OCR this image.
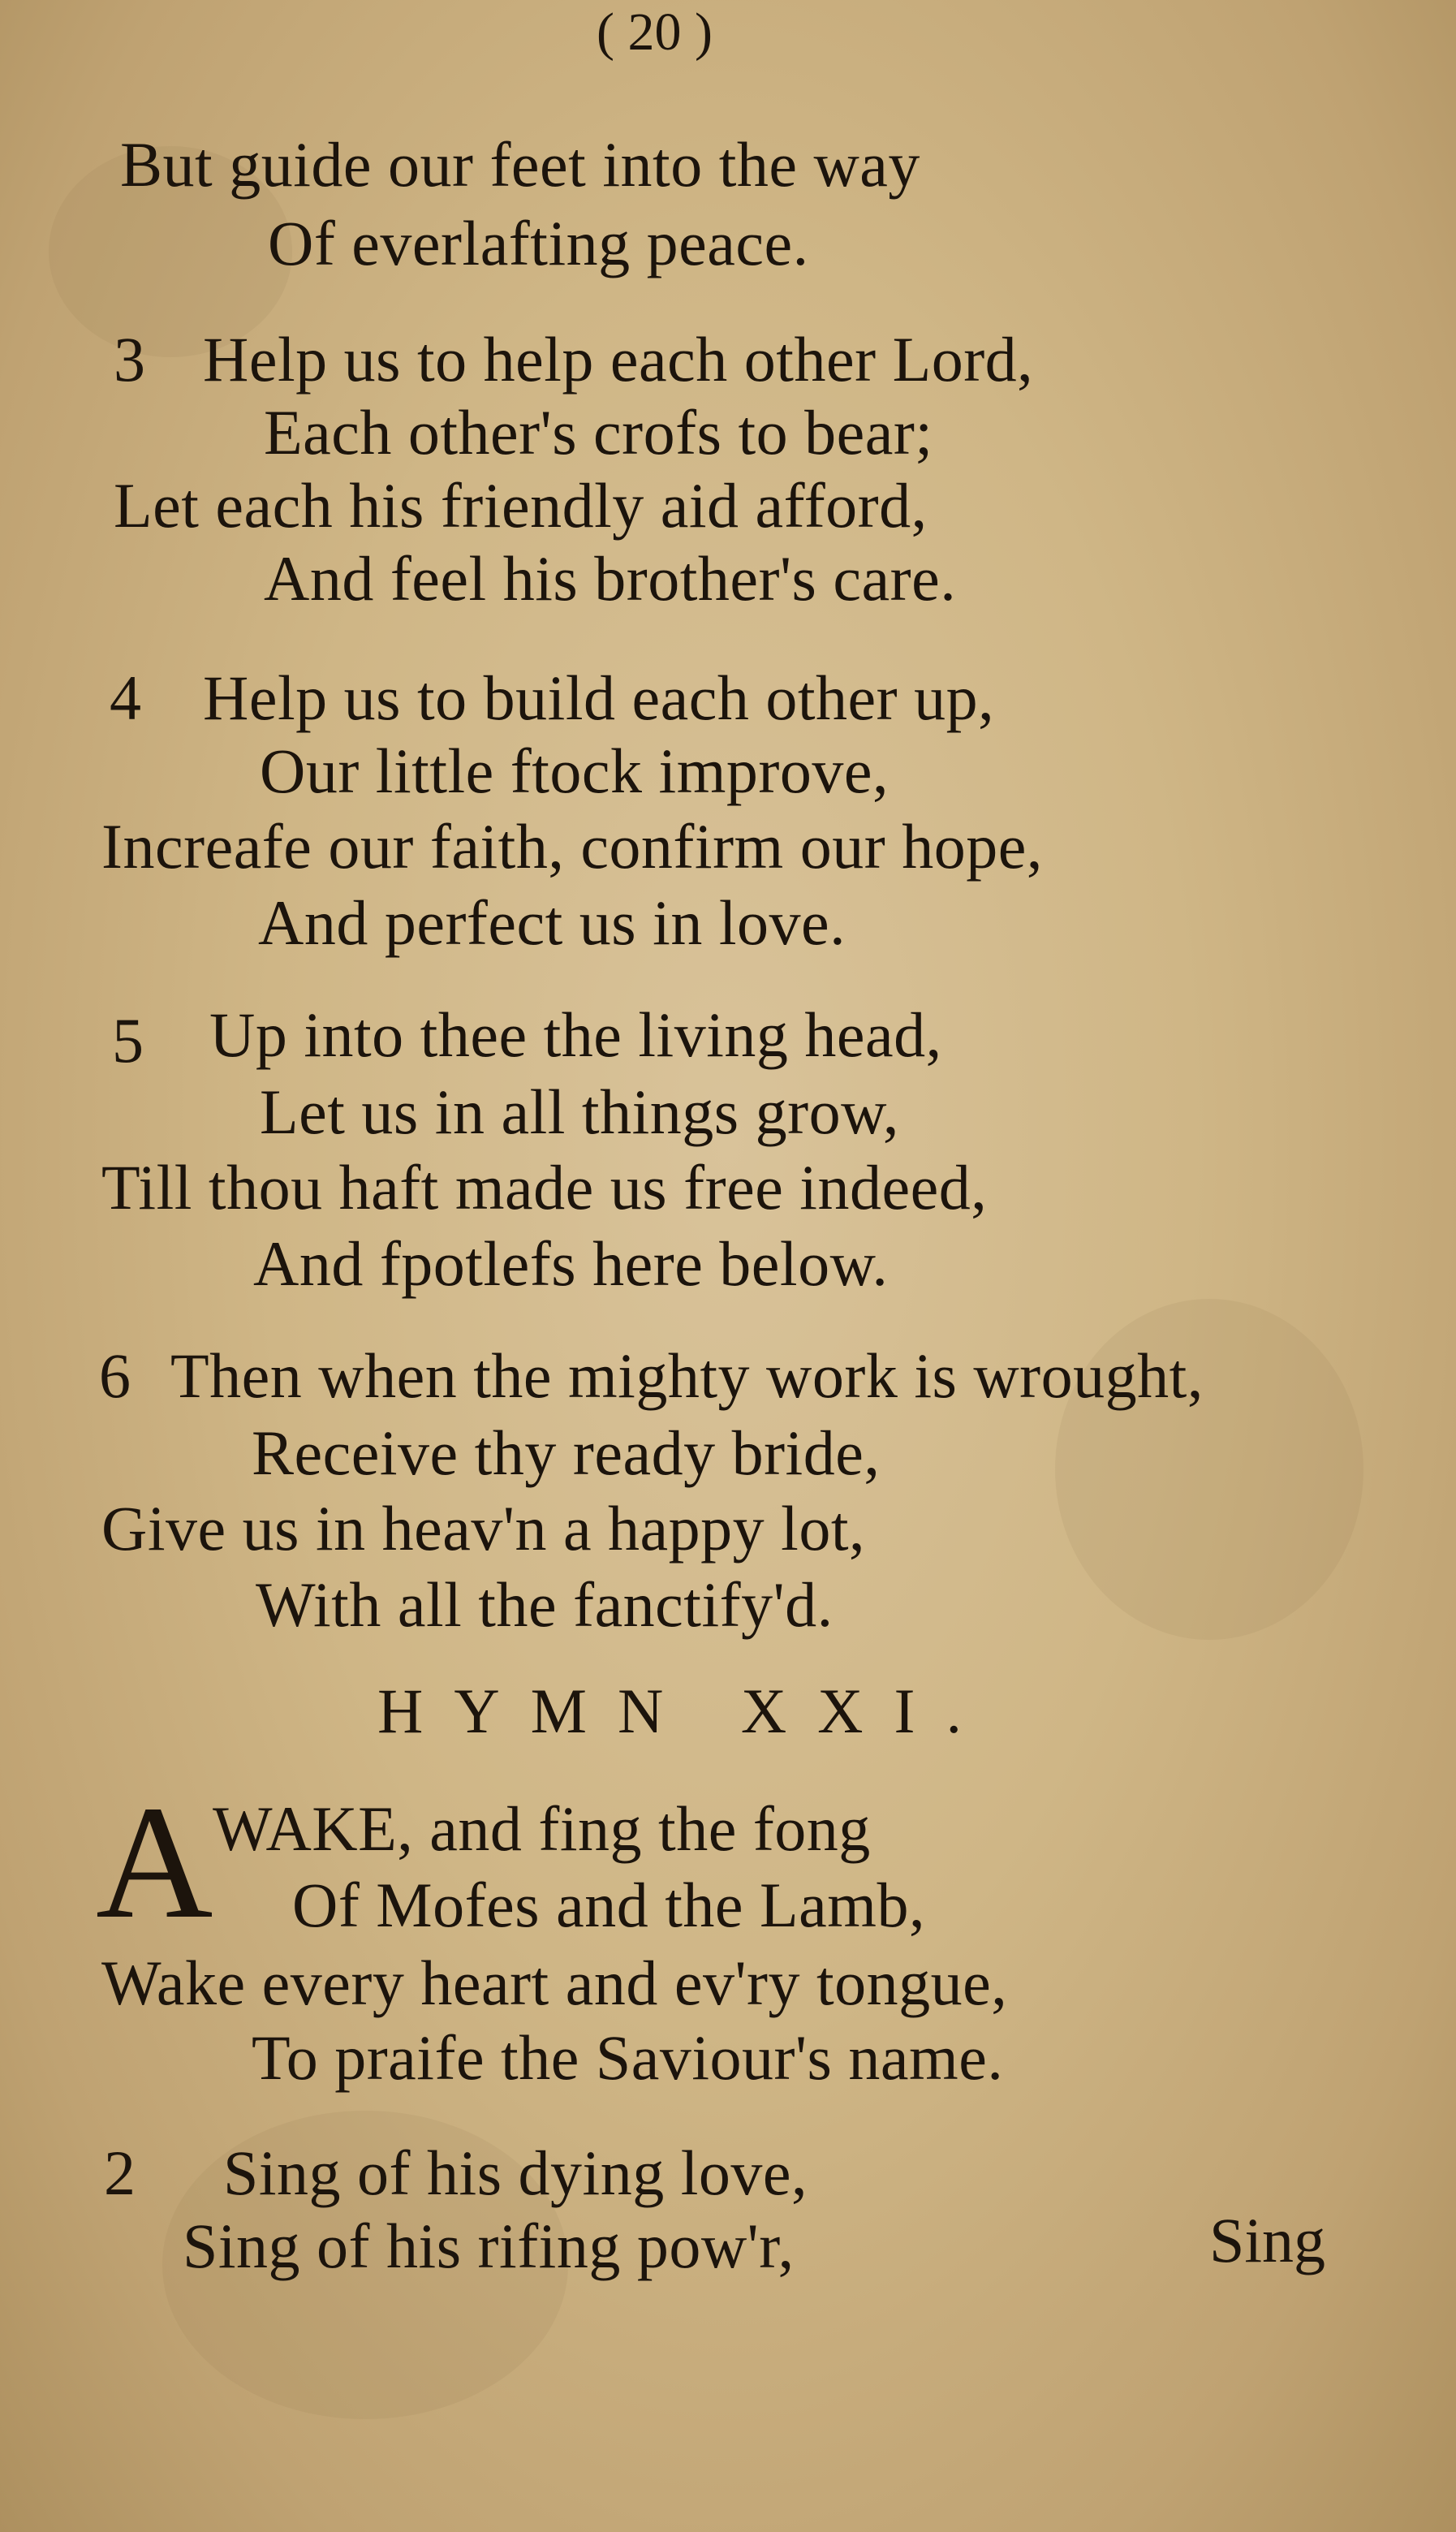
( 20 )
But guide our feet into the way
Of everlafting peace.
3 Help us to help each other Lord,
Each other's crofs to bear;
Let each his friendly aid afford,
And feel his brother's care.
4 Help us to build each other up,
Our little ftock improve,
Increafe our faith, confirm our hope,
And perfect us in love.
5 Up into thee the living head,
Let us in all things grow,
Till thou haft made us free indeed,
And fpotlefs here below.
6 Then when the mighty work is wrought,
Receive thy ready bride,
Give us in heav'n a happy lot,
With all the fanctify'd.
HYMN XXI.
A WAKE, and fing the fong
Of Mofes and the Lamb,
Wake every heart and ev'ry tongue,
To praife the Saviour's name.
2 Sing of his dying love,
Sing of his rifing pow'r,	Sing
